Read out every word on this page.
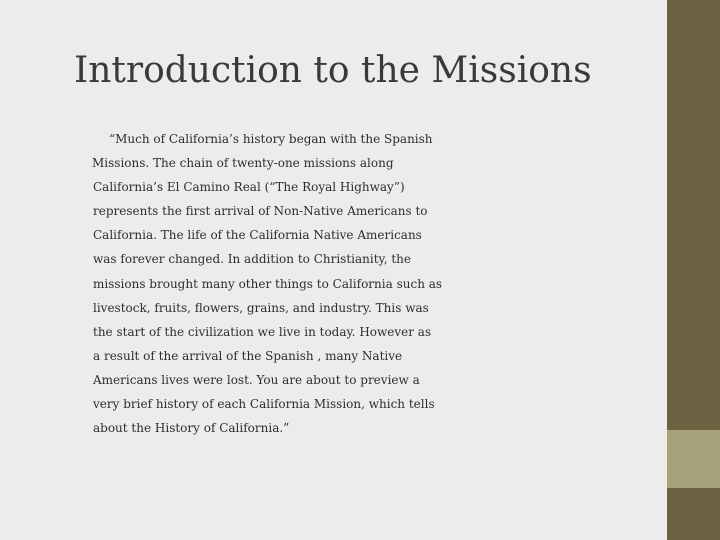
Introduction to the Missions
“Much of California’s history began with the Spanish
Missions. The chain of twenty-one missions along
California’s El Camino Real (“The Royal Highway”)
represents the first arrival of Non-Native Americans to
California. The life of the California Native Americans
was forever changed. In addition to Christianity, the
missions brought many other things to California such as
livestock, fruits, flowers, grains, and industry. This was
the start of the civilization we live in today. However as
a result of the arrival of the Spanish , many Native
Americans lives were lost. You are about to preview a
very brief history of each California Mission, which tells
about the History of California.”
